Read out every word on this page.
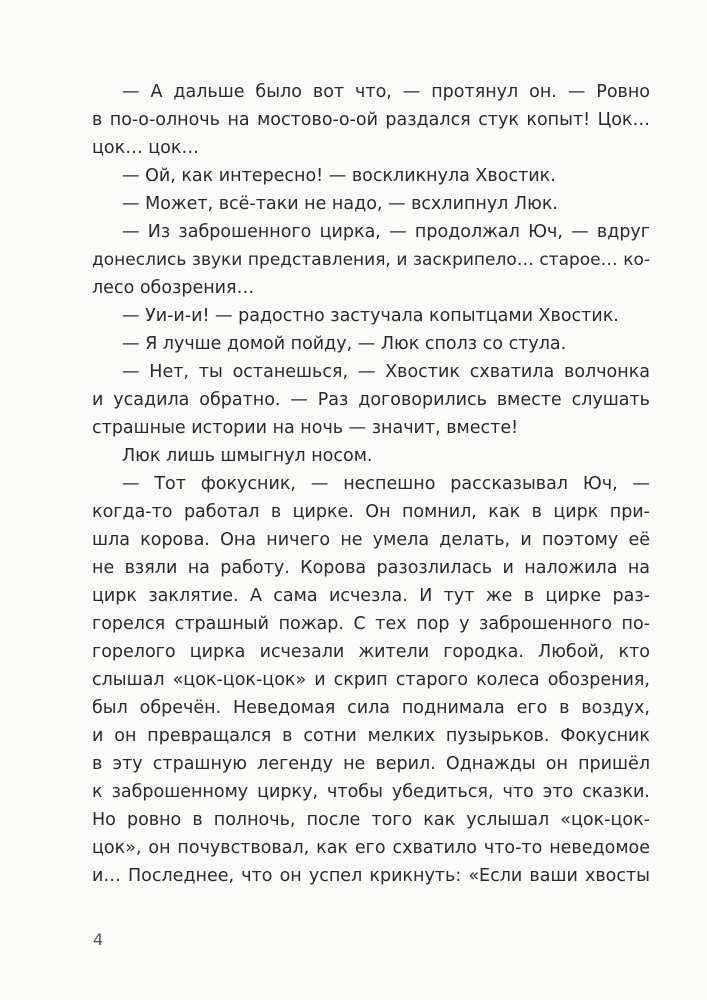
— А дальше было вот что, — протянул он. — Ровно
в по-о-олночь на мостово-о-ой раздался стук копыт! Цок…
цок… цок…
— Ой, как интересно! — воскликнула Хвостик.
— Может, всё-таки не надо, — всхлипнул Люк.
— Из заброшенного цирка, — продолжал Юч, — вдруг
донеслись звуки представления, и заскрипело… старое… ко-
лесо обозрения…
— Уи-и-и! — радостно застучала копытцами Хвостик.
— Я лучше домой пойду, — Люк сполз со стула.
— Нет, ты останешься, — Хвостик схватила волчонка
и усадила обратно. — Раз договорились вместе слушать
страшные истории на ночь — значит, вместе!
Люк лишь шмыгнул носом.
— Тот фокусник, — неспешно рассказывал Юч, —
когда-то работал в цирке. Он помнил, как в цирк при-
шла корова. Она ничего не умела делать, и поэтому её
не взяли на работу. Корова разозлилась и наложила на
цирк заклятие. А сама исчезла. И тут же в цирке раз-
горелся страшный пожар. С тех пор у заброшенного по-
горелого цирка исчезали жители городка. Любой, кто
слышал «цок-цок-цок» и скрип старого колеса обозрения,
был обречён. Неведомая сила поднимала его в воздух,
и он превращался в сотни мелких пузырьков. Фокусник
в эту страшную легенду не верил. Однажды он пришёл
к заброшенному цирку, чтобы убедиться, что это сказки.
Но ровно в полночь, после того как услышал «цок-цок-
цок», он почувствовал, как его схватило что-то неведомое
и… Последнее, что он успел крикнуть: «Если ваши хвосты
4
